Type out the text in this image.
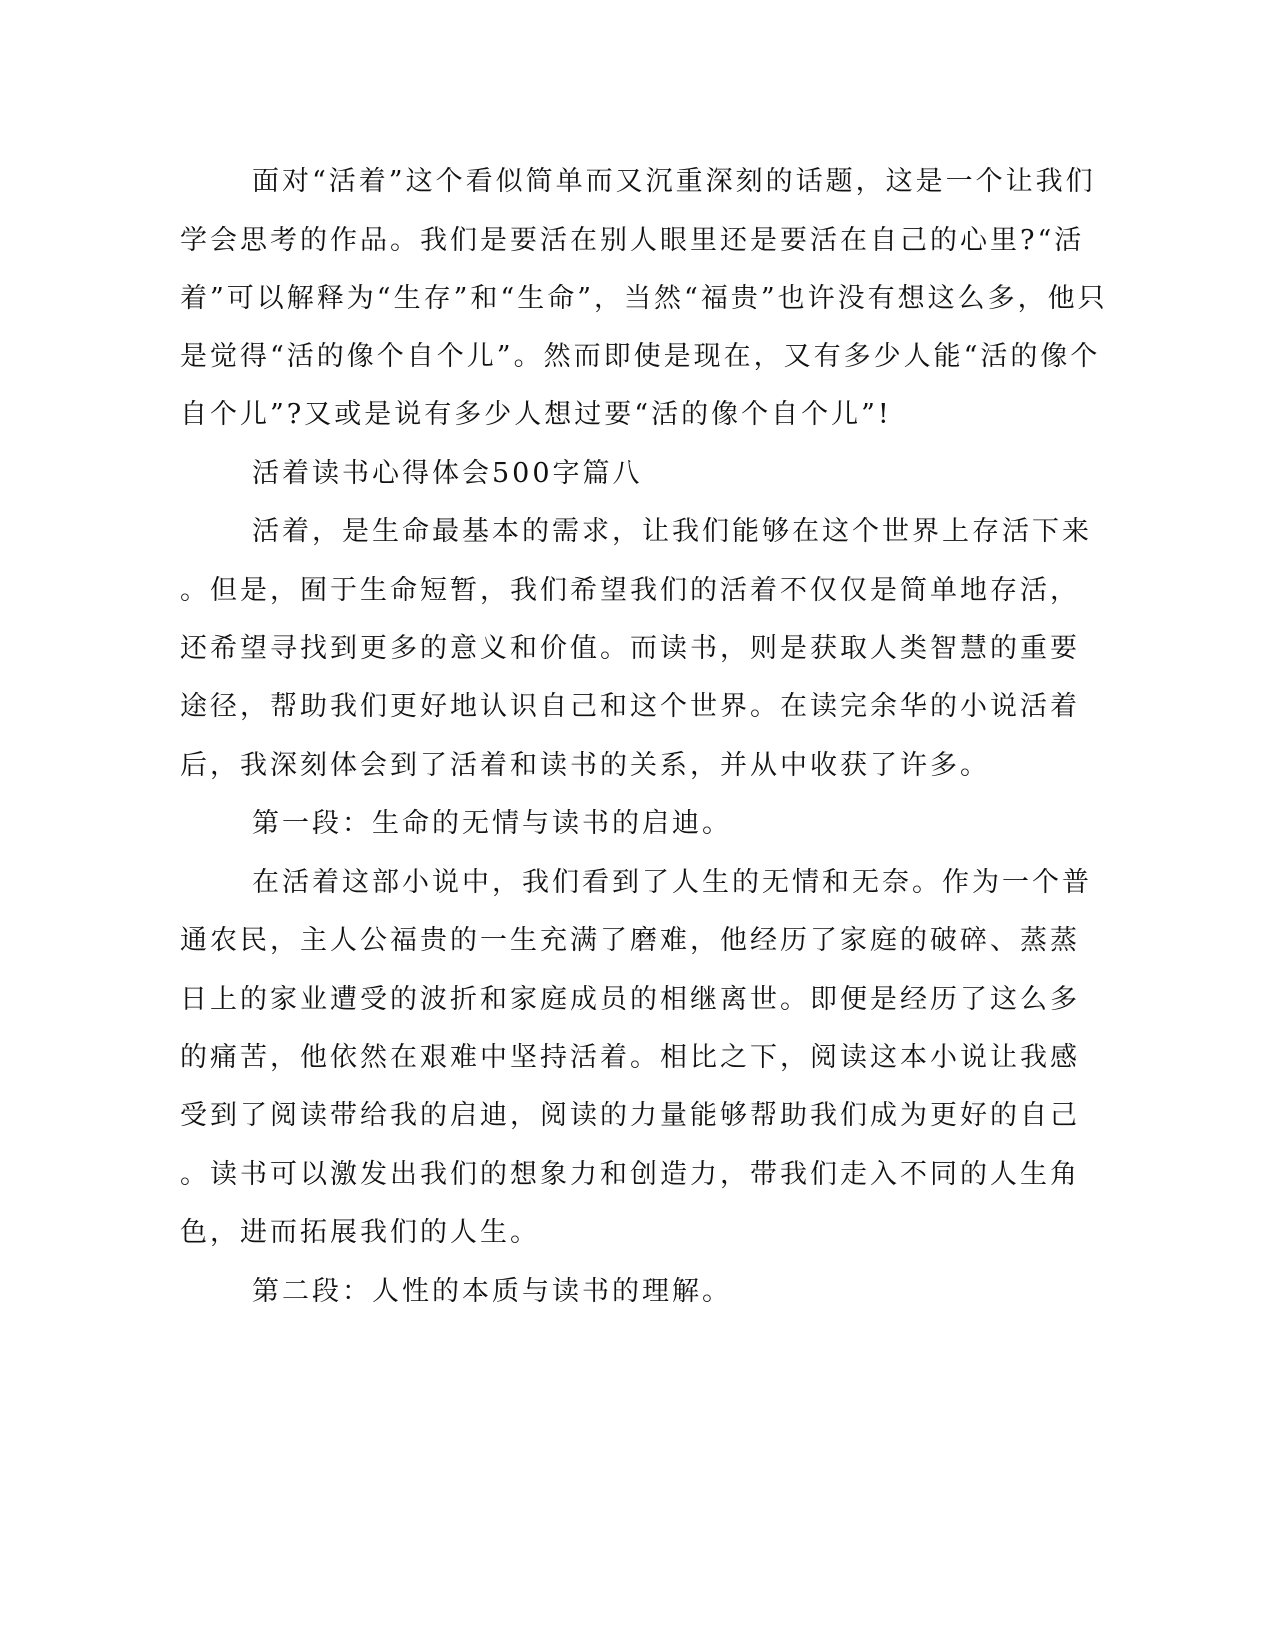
面对“活着”这个看似简单而又沉重深刻的话题，这是一个让我们
学会思考的作品。我们是要活在别人眼里还是要活在自己的心里?“活
着”可以解释为“生存”和“生命”，当然“福贵”也许没有想这么多，他只
是觉得“活的像个自个儿”。然而即使是现在，又有多少人能“活的像个
自个儿”?又或是说有多少人想过要“活的像个自个儿”!
活着读书心得体会500字篇八
活着，是生命最基本的需求，让我们能够在这个世界上存活下来
。但是，囿于生命短暂，我们希望我们的活着不仅仅是简单地存活，
还希望寻找到更多的意义和价值。而读书，则是获取人类智慧的重要
途径，帮助我们更好地认识自己和这个世界。在读完余华的小说活着
后，我深刻体会到了活着和读书的关系，并从中收获了许多。
第一段：生命的无情与读书的启迪。
在活着这部小说中，我们看到了人生的无情和无奈。作为一个普
通农民，主人公福贵的一生充满了磨难，他经历了家庭的破碎、蒸蒸
日上的家业遭受的波折和家庭成员的相继离世。即便是经历了这么多
的痛苦，他依然在艰难中坚持活着。相比之下，阅读这本小说让我感
受到了阅读带给我的启迪，阅读的力量能够帮助我们成为更好的自己
。读书可以激发出我们的想象力和创造力，带我们走入不同的人生角
色，进而拓展我们的人生。
第二段：人性的本质与读书的理解。
